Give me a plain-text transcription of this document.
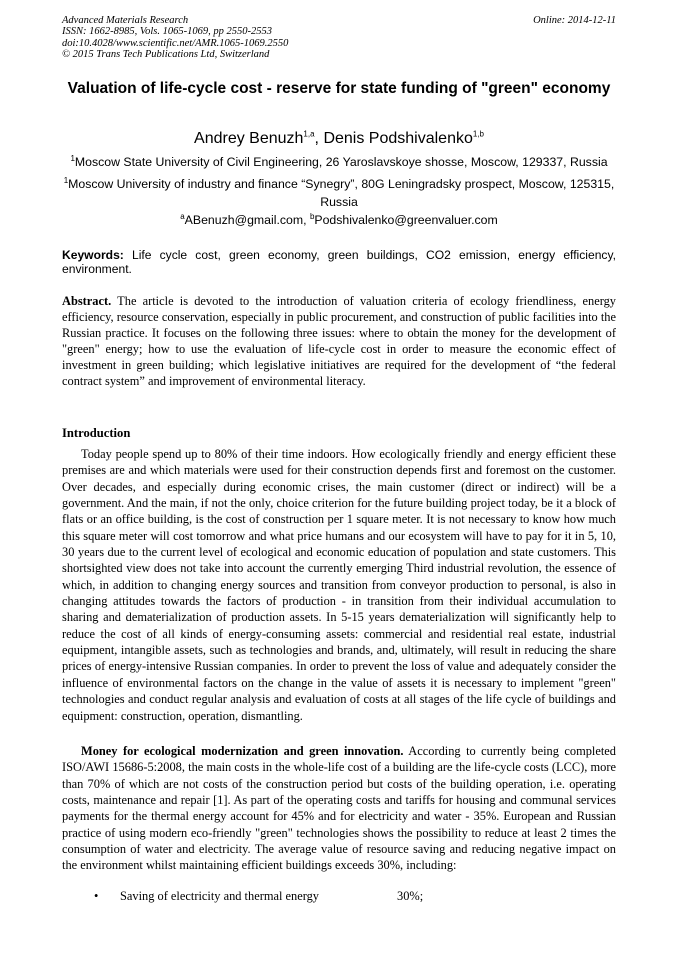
Advanced Materials Research
ISSN: 1662-8985, Vols. 1065-1069, pp 2550-2553
doi:10.4028/www.scientific.net/AMR.1065-1069.2550
© 2015 Trans Tech Publications Ltd, Switzerland
Online: 2014-12-11
Valuation of life-cycle cost - reserve for state funding of "green" economy
Andrey Benuzh$^{1,a}$, Denis Podshivalenko$^{1,b}$
$^1$Moscow State University of Civil Engineering, 26 Yaroslavskoye shosse, Moscow, 129337, Russia
$^1$Moscow University of industry and finance “Synegry”, 80G Leningradsky prospect, Moscow, 125315, Russia
$^a$ABenuzh@gmail.com, $^b$Podshivalenko@greenvaluer.com
Keywords: Life cycle cost, green economy, green buildings, CO2 emission, energy efficiency, environment.
Abstract. The article is devoted to the introduction of valuation criteria of ecology friendliness, energy efficiency, resource conservation, especially in public procurement, and construction of public facilities into the Russian practice. It focuses on the following three issues: where to obtain the money for the development of "green" energy; how to use the evaluation of life-cycle cost in order to measure the economic effect of investment in green building; which legislative initiatives are required for the development of “the federal contract system” and improvement of environmental literacy.
Introduction
Today people spend up to 80% of their time indoors. How ecologically friendly and energy efficient these premises are and which materials were used for their construction depends first and foremost on the customer. Over decades, and especially during economic crises, the main customer (direct or indirect) will be a government. And the main, if not the only, choice criterion for the future building project today, be it a block of flats or an office building, is the cost of construction per 1 square meter. It is not necessary to know how much this square meter will cost tomorrow and what price humans and our ecosystem will have to pay for it in 5, 10, 30 years due to the current level of ecological and economic education of population and state customers. This shortsighted view does not take into account the currently emerging Third industrial revolution, the essence of which, in addition to changing energy sources and transition from conveyor production to personal, is also in changing attitudes towards the factors of production - in transition from their individual accumulation to sharing and dematerialization of production assets. In 5-15 years dematerialization will significantly help to reduce the cost of all kinds of energy-consuming assets: commercial and residential real estate, industrial equipment, intangible assets, such as technologies and brands, and, ultimately, will result in reducing the share prices of energy-intensive Russian companies. In order to prevent the loss of value and adequately consider the influence of environmental factors on the change in the value of assets it is necessary to implement "green" technologies and conduct regular analysis and evaluation of costs at all stages of the life cycle of buildings and equipment: construction, operation, dismantling.
Money for ecological modernization and green innovation. According to currently being completed ISO/AWI 15686-5:2008, the main costs in the whole-life cost of a building are the life-cycle costs (LCC), more than 70% of which are not costs of the construction period but costs of the building operation, i.e. operating costs, maintenance and repair [1]. As part of the operating costs and tariffs for housing and communal services payments for the thermal energy account for 45% and for electricity and water - 35%. European and Russian practice of using modern eco-friendly "green" technologies shows the possibility to reduce at least 2 times the consumption of water and electricity. The average value of resource saving and reducing negative impact on the environment whilst maintaining efficient buildings exceeds 30%, including:
• Saving of electricity and thermal energy	30%;
